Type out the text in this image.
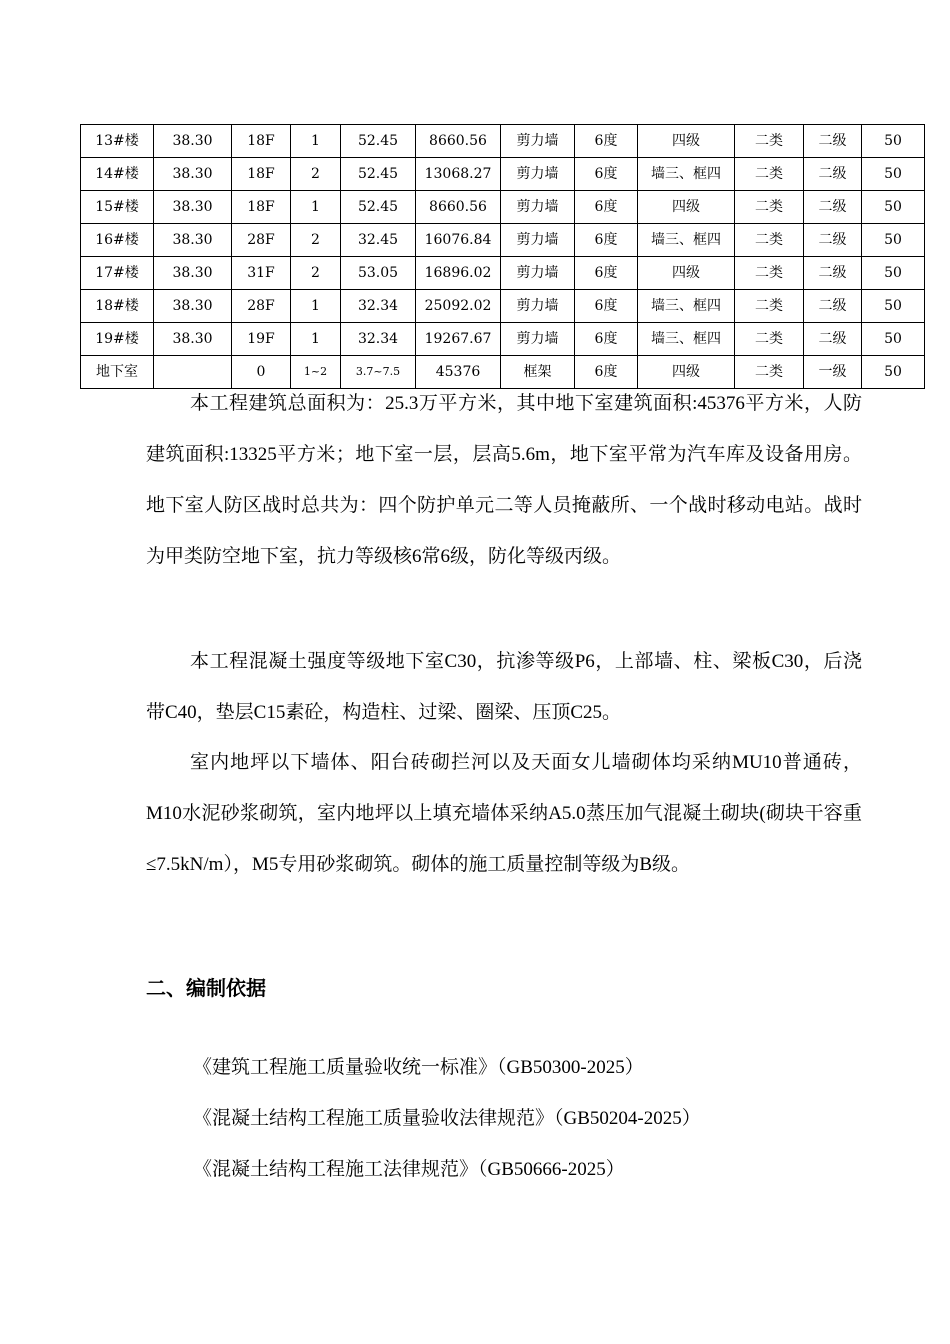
13#楼	38.30	18F	1	52.45	8660.56	剪力墙	6度	四级	二类	二级	50
14#楼	38.30	18F	2	52.45	13068.27	剪力墙	6度	墙三、框四	二类	二级	50
15#楼	38.30	18F	1	52.45	8660.56	剪力墙	6度	四级	二类	二级	50
16#楼	38.30	28F	2	32.45	16076.84	剪力墙	6度	墙三、框四	二类	二级	50
17#楼	38.30	31F	2	53.05	16896.02	剪力墙	6度	四级	二类	二级	50
18#楼	38.30	28F	1	32.34	25092.02	剪力墙	6度	墙三、框四	二类	二级	50
19#楼	38.30	19F	1	32.34	19267.67	剪力墙	6度	墙三、框四	二类	二级	50
地下室		0	1~2	3.7~7.5	45376	框架	6度	四级	二类	一级	50

本工程建筑总面积为：25.3万平方米，其中地下室建筑面积:45376平方米，人防建筑面积:13325平方米；地下室一层，层高5.6m，地下室平常为汽车库及设备用房。地下室人防区战时总共为：四个防护单元二等人员掩蔽所、一个战时移动电站。战时为甲类防空地下室，抗力等级核6常6级，防化等级丙级。

本工程混凝土强度等级地下室C30，抗渗等级P6，上部墙、柱、梁板C30，后浇带C40，垫层C15素砼，构造柱、过梁、圈梁、压顶C25。

室内地坪以下墙体、阳台砖砌拦河以及天面女儿墙砌体均采纳MU10普通砖，M10水泥砂浆砌筑，室内地坪以上填充墙体采纳A5.0蒸压加气混凝土砌块(砌块干容重≤7.5kN/m），M5专用砂浆砌筑。砌体的施工质量控制等级为B级。

二、编制依据

《建筑工程施工质量验收统一标准》（GB50300-2025）

《混凝土结构工程施工质量验收法律规范》（GB50204-2025）

《混凝土结构工程施工法律规范》（GB50666-2025）
